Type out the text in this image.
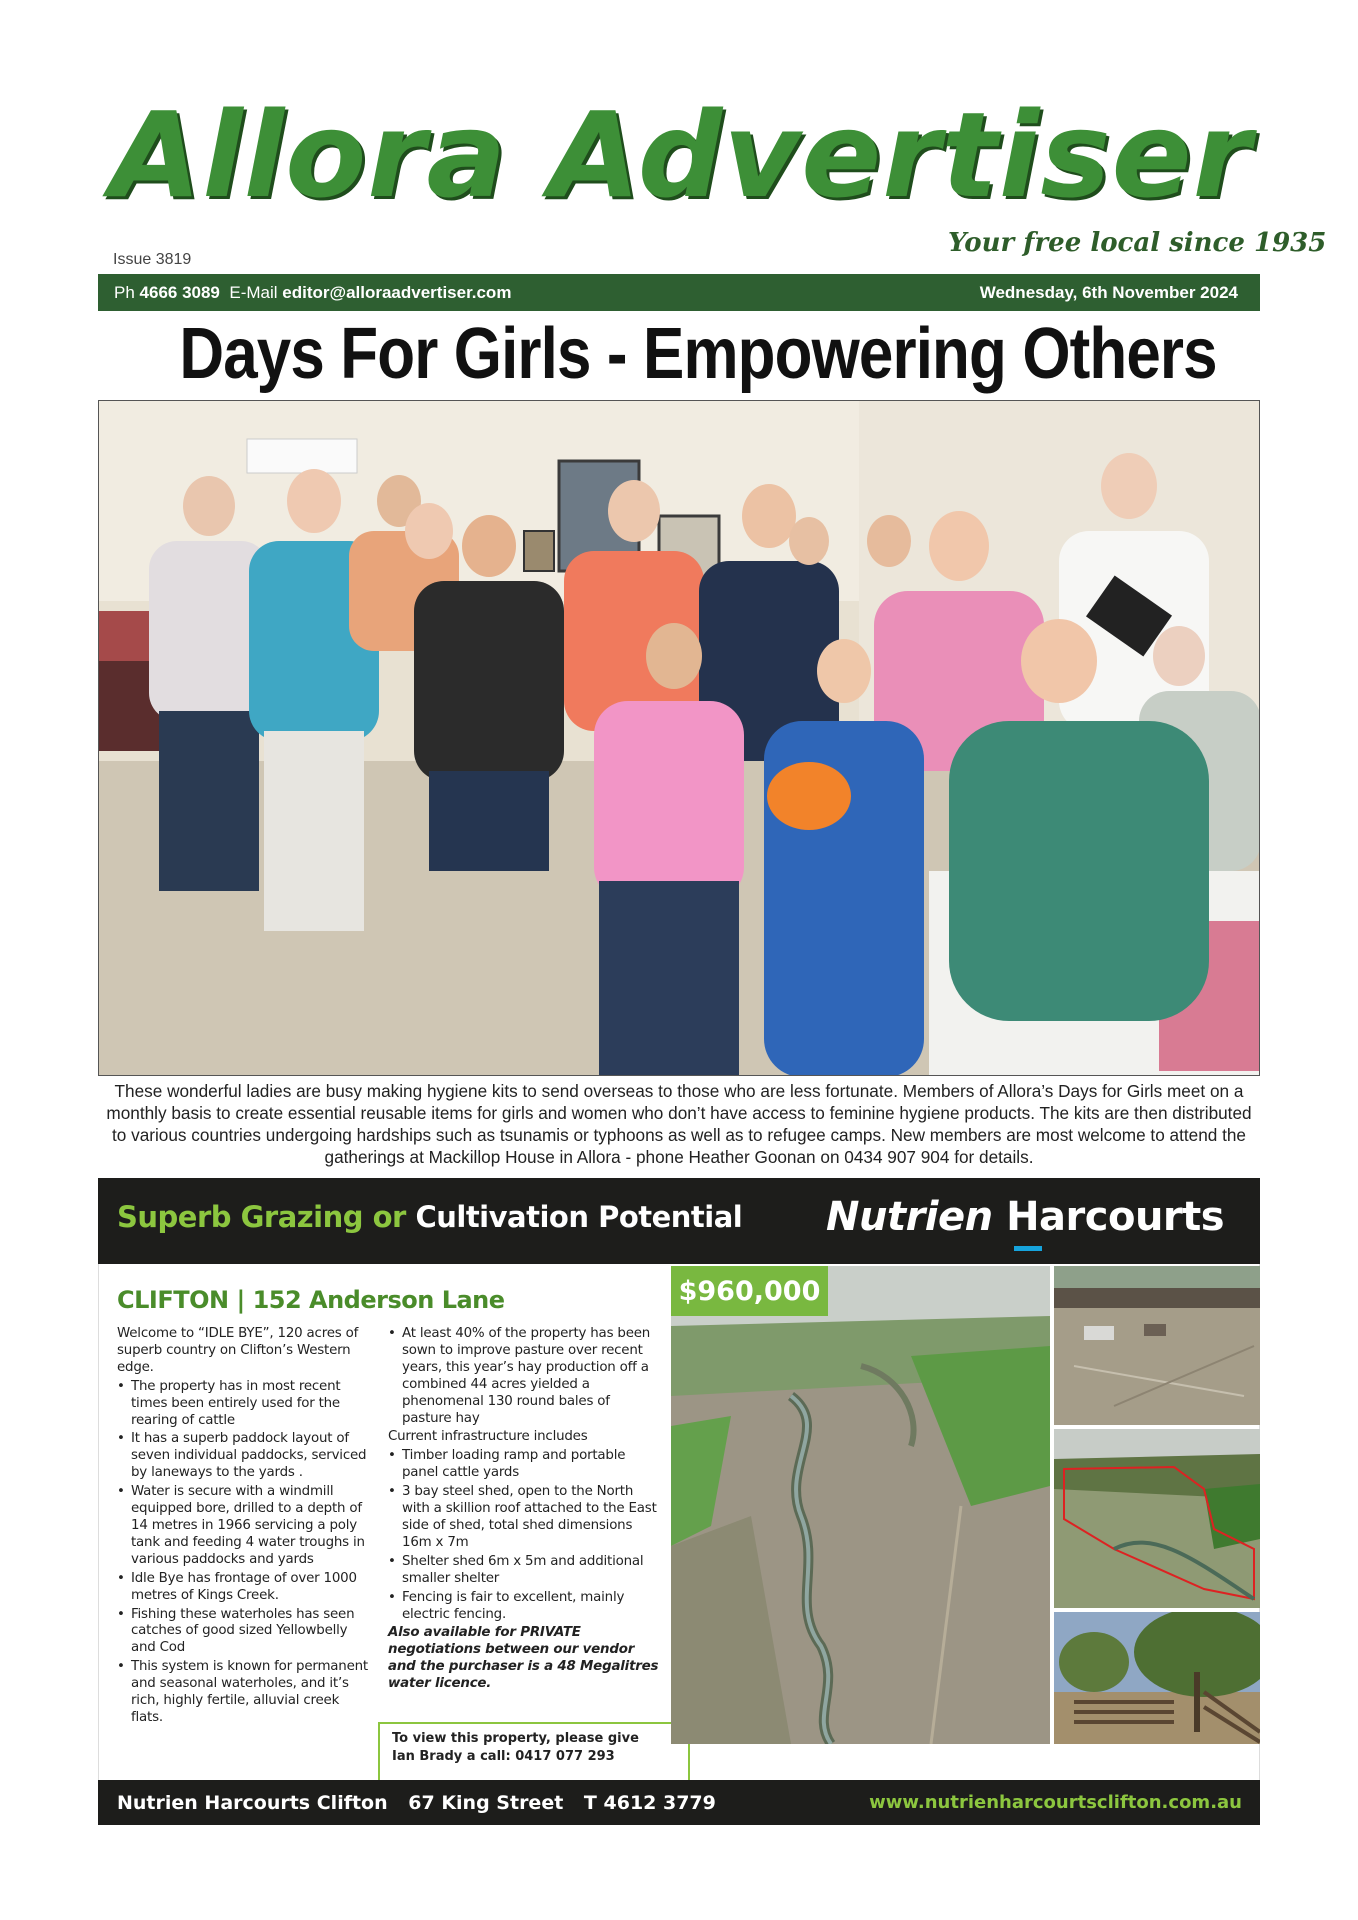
Allora Advertiser
Issue 3819
Your free local since 1935
Ph 4666 3089 E-Mail editor@alloraadvertiser.com	Wednesday, 6th November 2024
Days For Girls - Empowering Others
These wonderful ladies are busy making hygiene kits to send overseas to those who are less fortunate. Members of Allora’s Days for Girls meet on a monthly basis to create essential reusable items for girls and women who don’t have access to feminine hygiene products. The kits are then distributed to various countries undergoing hardships such as tsunamis or typhoons as well as to refugee camps. New members are most welcome to attend the gatherings at Mackillop House in Allora - phone Heather Goonan on 0434 907 904 for details.
Superb Grazing or Cultivation Potential Nutrien Harcourts
CLIFTON | 152 Anderson Lane

Welcome to “IDLE BYE”, 120 acres of superb country on Clifton’s Western edge.

• The property has in most recent times been entirely used for the rearing of cattle
• It has a superb paddock layout of seven individual paddocks, serviced by laneways to the yards .
• Water is secure with a windmill equipped bore, drilled to a depth of 14 metres in 1966 servicing a poly tank and feeding 4 water troughs in various paddocks and yards
• Idle Bye has frontage of over 1000 metres of Kings Creek.
• Fishing these waterholes has seen catches of good sized Yellowbelly and Cod
• This system is known for permanent and seasonal waterholes, and it’s rich, highly fertile, alluvial creek flats.
• At least 40% of the property has been sown to improve pasture over recent years, this year’s hay production off a combined 44 acres yielded a phenomenal 130 round bales of pasture hay

Current infrastructure includes

• Timber loading ramp and portable panel cattle yards
• 3 bay steel shed, open to the North with a skillion roof attached to the East side of shed, total shed dimensions 16m x 7m
• Shelter shed 6m x 5m and additional smaller shelter
• Fencing is fair to excellent, mainly electric fencing.

Also available for PRIVATE negotiations between our vendor and the purchaser is a 48 Megalitres water licence.

To view this property, please give
Ian Brady a call: 0417 077 293
$960,000
Nutrien Harcourts Clifton 67 King Street T 4612 3779	www.nutrienharcourtsclifton.com.au
